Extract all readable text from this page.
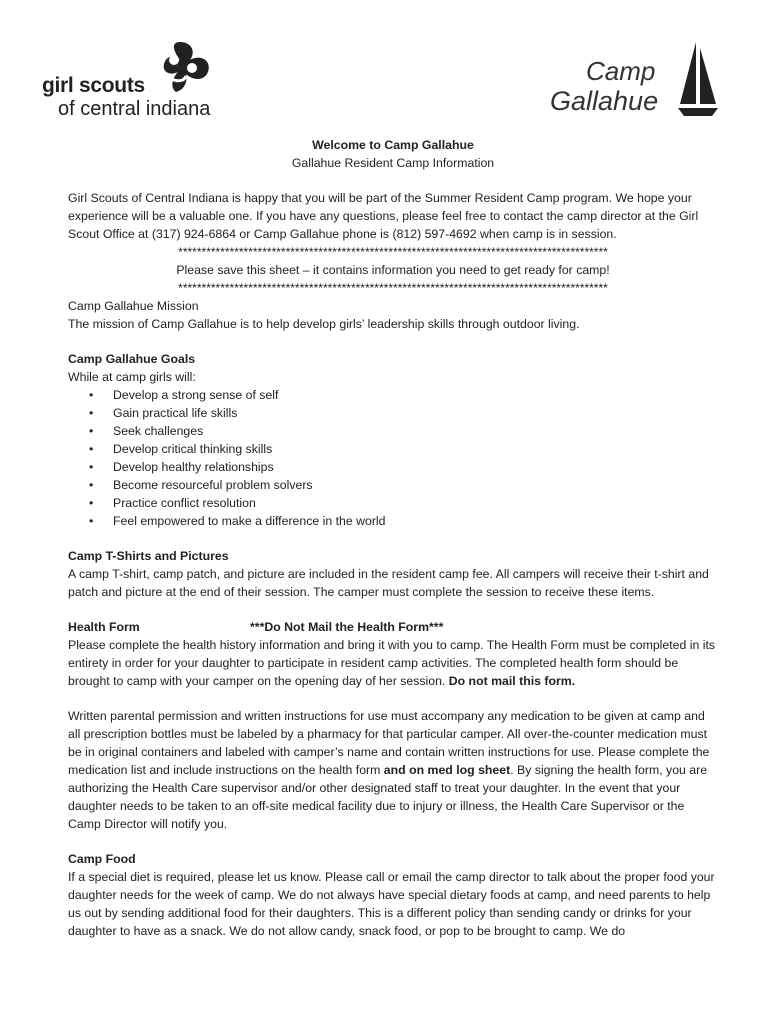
girl scouts
of central indiana
Camp
Gallahue

Welcome to Camp Gallahue

Gallahue Resident Camp Information

Girl Scouts of Central Indiana is happy that you will be part of the Summer Resident Camp program. We hope your experience will be a valuable one. If you have any questions, please feel free to contact the camp director at the Girl Scout Office at (317) 924-6864 or Camp Gallahue phone is (812) 597-4692 when camp is in session.

********************************************************************************************

Please save this sheet – it contains information you need to get ready for camp!

********************************************************************************************

Camp Gallahue Mission

The mission of Camp Gallahue is to help develop girls’ leadership skills through outdoor living.

Camp Gallahue Goals

While at camp girls will:

• Develop a strong sense of self
• Gain practical life skills
• Seek challenges
• Develop critical thinking skills
• Develop healthy relationships
• Become resourceful problem solvers
• Practice conflict resolution
• Feel empowered to make a difference in the world

Camp T-Shirts and Pictures

A camp T-shirt, camp patch, and picture are included in the resident camp fee. All campers will receive their t-shirt and patch and picture at the end of their session. The camper must complete the session to receive these items.

Health Form	***Do Not Mail the Health Form***

Please complete the health history information and bring it with you to camp. The Health Form must be completed in its entirety in order for your daughter to participate in resident camp activities. The completed health form should be brought to camp with your camper on the opening day of her session. Do not mail this form.

Written parental permission and written instructions for use must accompany any medication to be given at camp and all prescription bottles must be labeled by a pharmacy for that particular camper. All over-the-counter medication must be in original containers and labeled with camper’s name and contain written instructions for use. Please complete the medication list and include instructions on the health form and on med log sheet. By signing the health form, you are authorizing the Health Care supervisor and/or other designated staff to treat your daughter. In the event that your daughter needs to be taken to an off-site medical facility due to injury or illness, the Health Care Supervisor or the Camp Director will notify you.

Camp Food

If a special diet is required, please let us know. Please call or email the camp director to talk about the proper food your daughter needs for the week of camp. We do not always have special dietary foods at camp, and need parents to help us out by sending additional food for their daughters. This is a different policy than sending candy or drinks for your daughter to have as a snack. We do not allow candy, snack food, or pop to be brought to camp. We do
